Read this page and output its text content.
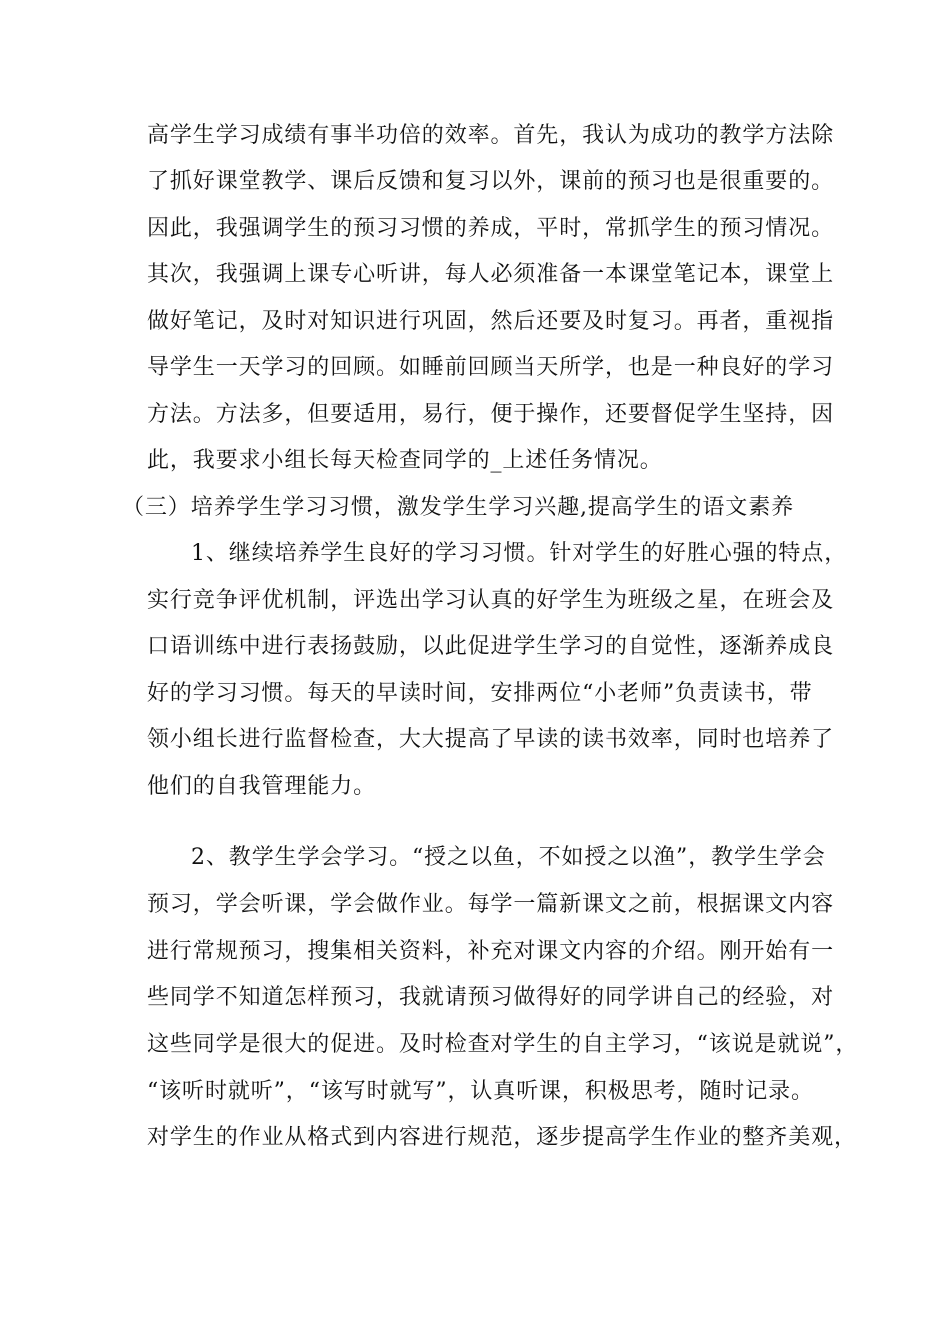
高学生学习成绩有事半功倍的效率。首先，我认为成功的教学方法除
了抓好课堂教学、课后反馈和复习以外，课前的预习也是很重要的。
因此，我强调学生的预习习惯的养成，平时，常抓学生的预习情况。
其次，我强调上课专心听讲，每人必须准备一本课堂笔记本，课堂上
做好笔记，及时对知识进行巩固，然后还要及时复习。再者，重视指
导学生一天学习的回顾。如睡前回顾当天所学，也是一种良好的学习
方法。方法多，但要适用，易行，便于操作，还要督促学生坚持，因
此，我要求小组长每天检查同学的_上述任务情况。
（三）培养学生学习习惯，激发学生学习兴趣,提高学生的语文素养
1、继续培养学生良好的学习习惯。针对学生的好胜心强的特点，
实行竞争评优机制，评选出学习认真的好学生为班级之星，在班会及
口语训练中进行表扬鼓励，以此促进学生学习的自觉性，逐渐养成良
好的学习习惯。每天的早读时间，安排两位“小老师”负责读书，带
领小组长进行监督检查，大大提高了早读的读书效率，同时也培养了
他们的自我管理能力。
2、教学生学会学习。“授之以鱼，不如授之以渔”，教学生学会
预习，学会听课，学会做作业。每学一篇新课文之前，根据课文内容
进行常规预习，搜集相关资料，补充对课文内容的介绍。刚开始有一
些同学不知道怎样预习，我就请预习做得好的同学讲自己的经验，对
这些同学是很大的促进。及时检查对学生的自主学习，“该说是就说”，
“该听时就听”，“该写时就写”，认真听课，积极思考，随时记录。
对学生的作业从格式到内容进行规范，逐步提高学生作业的整齐美观，
